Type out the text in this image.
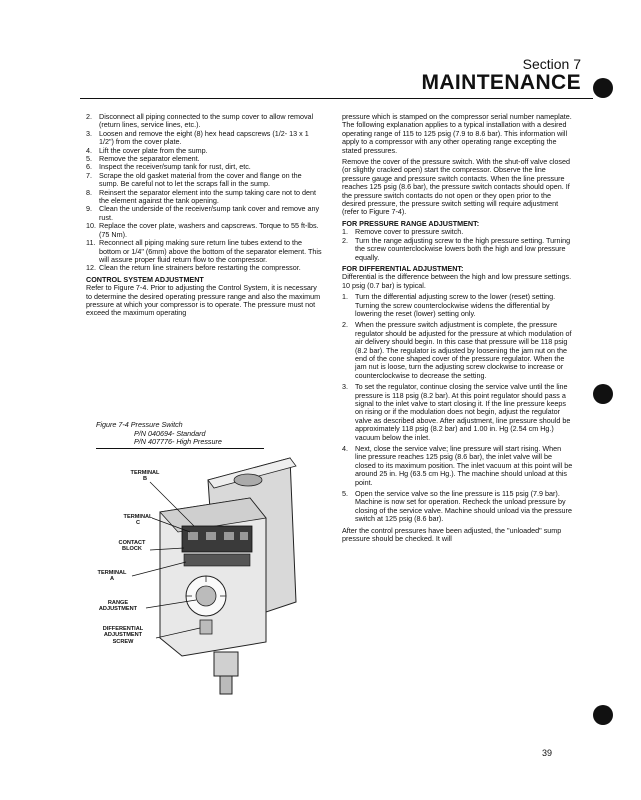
Section 7
MAINTENANCE
2. Disconnect all piping connected to the sump cover to allow removal (return lines, service lines, etc.).
3. Loosen and remove the eight (8) hex head capscrews (1/2- 13 x 1 1/2") from the cover plate.
4. Lift the cover plate from the sump.
5. Remove the separator element.
6. Inspect the receiver/sump tank for rust, dirt, etc.
7. Scrape the old gasket material from the cover and flange on the sump. Be careful not to let the scraps fall in the sump.
8. Reinsert the separator element into the sump taking care not to dent the element against the tank opening.
9. Clean the underside of the receiver/sump tank cover and remove any rust.
10. Replace the cover plate, washers and capscrews. Torque to 55 ft-lbs. (75 Nm).
11. Reconnect all piping making sure return line tubes extend to the bottom or 1/4" (6mm) above the bottom of the separator element. This will assure proper fluid return flow to the compressor.
12. Clean the return line strainers before restarting the compressor.
CONTROL SYSTEM ADJUSTMENT

Refer to Figure 7-4. Prior to adjusting the Control System, it is necessary to determine the desired operating pressure range and also the maximum pressure at which your compressor is to operate. The pressure must not exceed the maximum operating

Figure 7-4 Pressure Switch
P/N 040694- Standard
P/N 407776- High Pressure
TERMINAL
B
TERMINAL
C
CONTACT
BLOCK
TERMINAL
A
RANGE
ADJUSTMENT
DIFFERENTIAL
ADJUSTMENT
SCREW

pressure which is stamped on the compressor serial number nameplate. The following explanation applies to a typical installation with a desired operating range of 115 to 125 psig (7.9 to 8.6 bar). This information will apply to a compressor with any other operating range excepting the stated pressures.

Remove the cover of the pressure switch. With the shut-off valve closed (or slightly cracked open) start the compressor. Observe the line pressure gauge and pressure switch contacts. When the line pressure reaches 125 psig (8.6 bar), the pressure switch contacts should open. If the pressure switch contacts do not open or they open prior to the desired pressure, the pressure switch setting will require adjustment (refer to Figure 7-4).

FOR PRESSURE RANGE ADJUSTMENT:
1. Remove cover to pressure switch.
2. Turn the range adjusting screw to the high pressure setting. Turning the screw counterclockwise lowers both the high and low pressure equally.
FOR DIFFERENTIAL ADJUSTMENT:

Differential is the difference between the high and low pressure settings. 10 psig (0.7 bar) is typical.

1. Turn the differential adjusting screw to the lower (reset) setting. Turning the screw counterclockwise widens the differential by lowering the reset (lower) setting only.
2. When the pressure switch adjustment is complete, the pressure regulator should be adjusted for the pressure at which modulation of air delivery should begin. In this case that pressure will be 118 psig (8.2 bar). The regulator is adjusted by loosening the jam nut on the end of the cone shaped cover of the pressure regulator. When the jam nut is loose, turn the adjusting screw clockwise to increase or counterclockwise to decrease the setting.
3. To set the regulator, continue closing the service valve until the line pressure is 118 psig (8.2 bar). At this point regulator should pass a signal to the inlet valve to start closing it. If the line pressure keeps on rising or if the modulation does not begin, adjust the regulator valve as described above. After adjustment, line pressure should be approximately 118 psig (8.2 bar) and 1.00 in. Hg (2.54 cm Hg.) vacuum below the inlet.
4. Next, close the service valve; line pressure will start rising. When line pressure reaches 125 psig (8.6 bar), the inlet valve will be closed to its maximum position. The inlet vacuum at this point will be around 25 in. Hg (63.5 cm Hg.). The machine should unload at this point.
5. Open the service valve so the line pressure is 115 psig (7.9 bar). Machine is now set for operation. Recheck the unload pressure by closing of the service valve. Machine should unload via the pressure switch at 125 psig (8.6 bar).

After the control pressures have been adjusted, the "unloaded" sump pressure should be checked. It will

39
